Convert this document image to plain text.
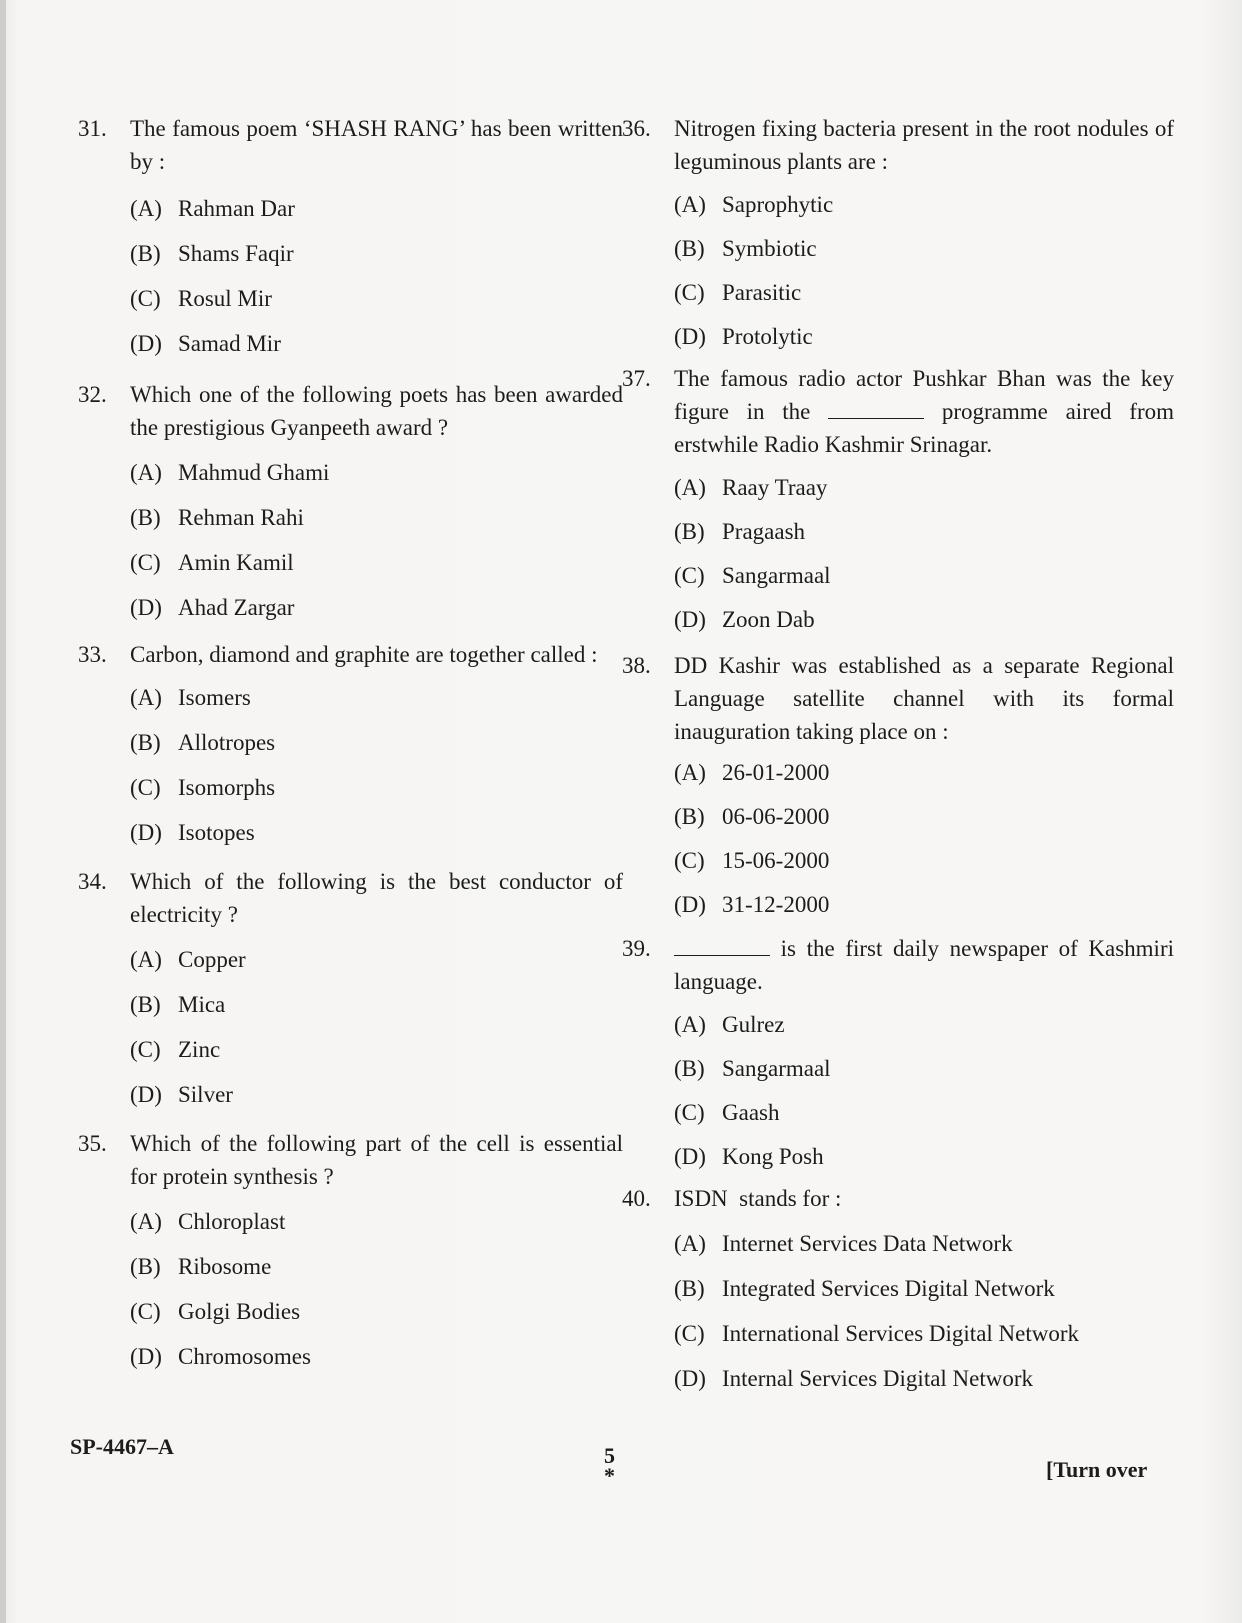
31.	The famous poem ‘SHASH RANG’ has been written by :
(A) Rahman Dar
(B) Shams Faqir
(C) Rosul Mir
(D) Samad Mir
32.	Which one of the following poets has been awarded the prestigious Gyanpeeth award ?
(A) Mahmud Ghami
(B) Rehman Rahi
(C) Amin Kamil
(D) Ahad Zargar
33.	Carbon, diamond and graphite are together called :
(A) Isomers
(B) Allotropes
(C) Isomorphs
(D) Isotopes
34.	Which of the following is the best conductor of electricity ?
(A) Copper
(B) Mica
(C) Zinc
(D) Silver
35.	Which of the following part of the cell is essential for protein synthesis ?
(A) Chloroplast
(B) Ribosome
(C) Golgi Bodies
(D) Chromosomes
36.	Nitrogen fixing bacteria present in the root nodules of leguminous plants are :
(A) Saprophytic
(B) Symbiotic
(C) Parasitic
(D) Protolytic
37.	The famous radio actor Pushkar Bhan was the key figure in the	programme aired from erstwhile Radio Kashmir Srinagar.
(A) Raay Traay
(B) Pragaash
(C) Sangarmaal
(D) Zoon Dab
38.	DD Kashir was established as a separate Regional Language satellite channel with its formal inauguration taking place on :
(A) 26-01-2000
(B) 06-06-2000
(C) 15-06-2000
(D) 31-12-2000
39.	is the first daily newspaper of Kashmiri language.
(A) Gulrez
(B) Sangarmaal
(C) Gaash
(D) Kong Posh
40.	ISDN  stands for :
(A) Internet Services Data Network
(B) Integrated Services Digital Network
(C) International Services Digital Network
(D) Internal Services Digital Network
SP-4467–A	5
*	[Turn over
